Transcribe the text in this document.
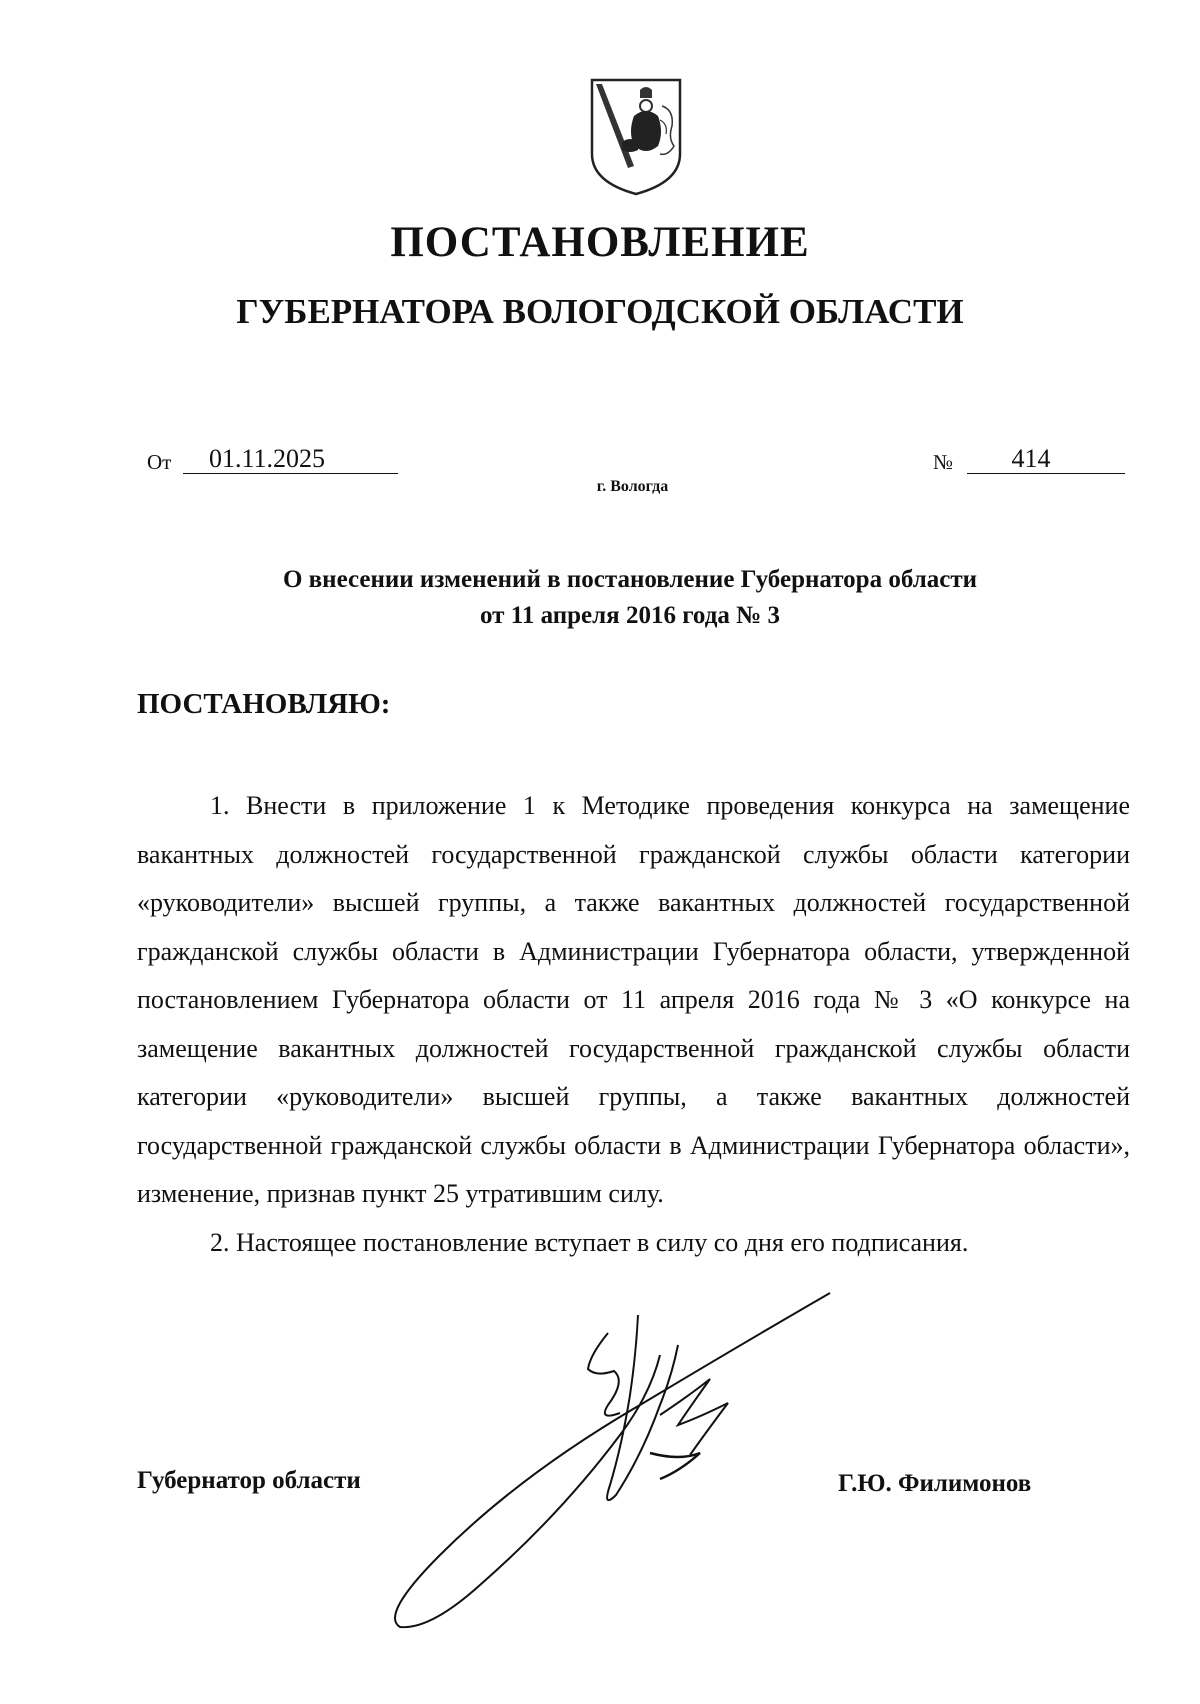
ПОСТАНОВЛЕНИЕ
ГУБЕРНАТОРА ВОЛОГОДСКОЙ ОБЛАСТИ
От	01.11.2025	№	414
г. Вологда
О внесении изменений в постановление Губернатора области
от 11 апреля 2016 года № 3

ПОСТАНОВЛЯЮ:

1. Внести в приложение 1 к Методике проведения конкурса на замещение вакантных должностей государственной гражданской службы области категории «руководители» высшей группы, а также вакантных должностей государственной гражданской службы области в Администрации Губернатора области, утвержденной постановлением Губернатора области от 11 апреля 2016 года № 3 «О конкурсе на замещение вакантных должностей государственной гражданской службы области категории «руководители» высшей группы, а также вакантных должностей государственной гражданской службы области в Администрации Губернатора области», изменение, признав пункт 25 утратившим силу.

2. Настоящее постановление вступает в силу со дня его подписания.

Губернатор области	Г.Ю. Филимонов
